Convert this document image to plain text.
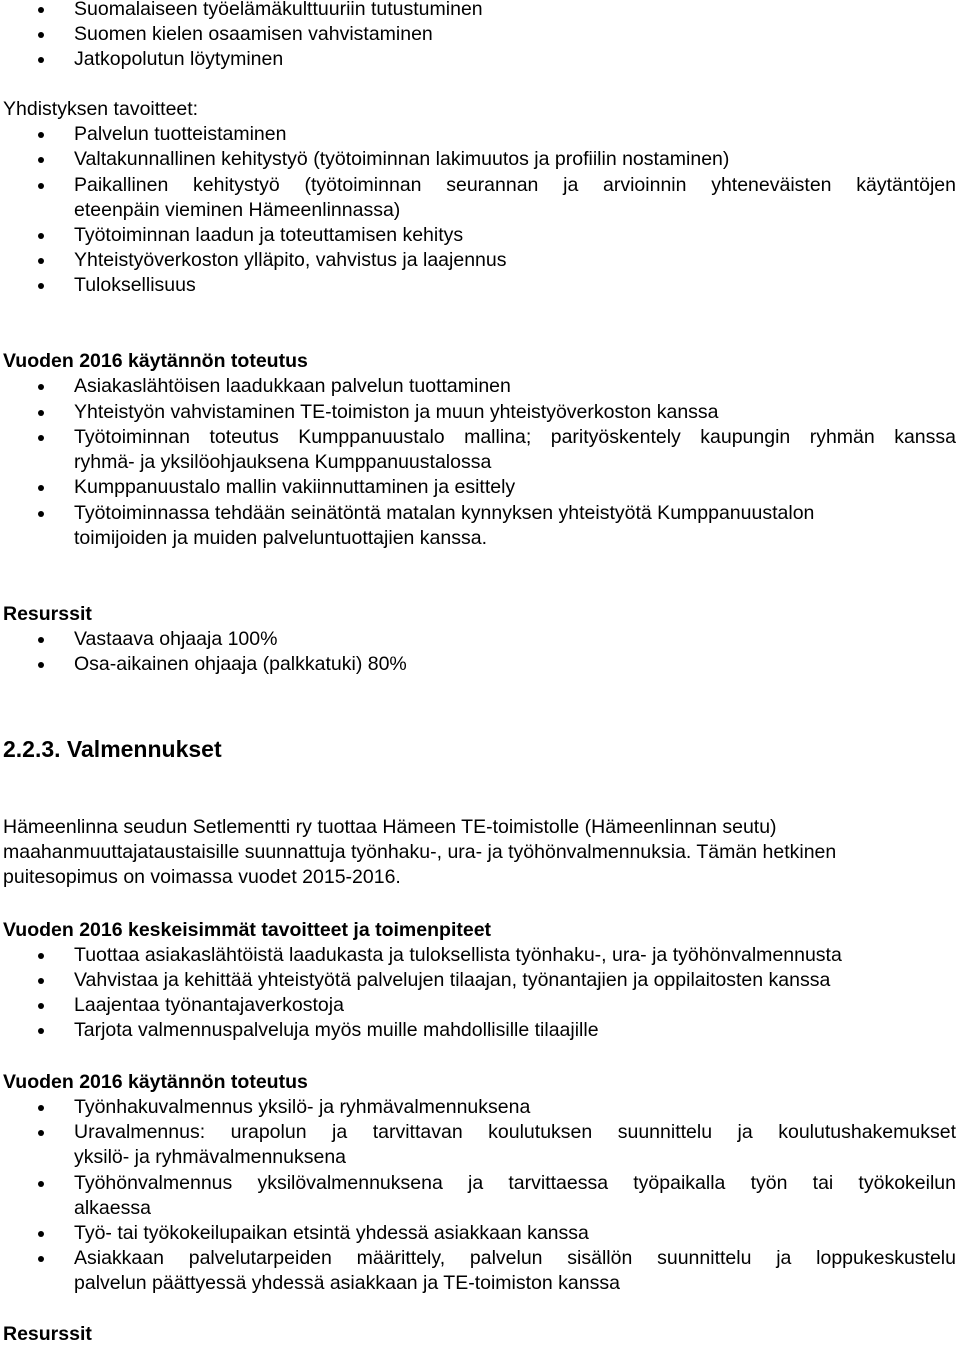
Suomalaiseen työelämäkulttuuriin tutustuminen
Suomen kielen osaamisen vahvistaminen
Jatkopolutun löytyminen
Yhdistyksen tavoitteet:
Palvelun tuotteistaminen
Valtakunnallinen kehitystyö (työtoiminnan lakimuutos ja profiilin nostaminen)
Paikallinen kehitystyö (työtoiminnan seurannan ja arvioinnin yhteneväisten käytäntöjen
eteenpäin vieminen Hämeenlinnassa)
Työtoiminnan laadun ja toteuttamisen kehitys
Yhteistyöverkoston ylläpito, vahvistus ja laajennus
Tuloksellisuus
Vuoden 2016 käytännön toteutus
Asiakaslähtöisen laadukkaan palvelun tuottaminen
Yhteistyön vahvistaminen TE-toimiston ja muun yhteistyöverkoston kanssa
Työtoiminnan toteutus Kumppanuustalo mallina; parityöskentely kaupungin ryhmän kanssa
ryhmä- ja yksilöohjauksena Kumppanuustalossa
Kumppanuustalo mallin vakiinnuttaminen ja esittely
Työtoiminnassa tehdään seinätöntä matalan kynnyksen yhteistyötä Kumppanuustalon
toimijoiden ja muiden palveluntuottajien kanssa.
Resurssit
Vastaava ohjaaja 100%
Osa-aikainen ohjaaja (palkkatuki) 80%
2.2.3. Valmennukset
Hämeenlinna seudun Setlementti ry tuottaa Hämeen TE-toimistolle (Hämeenlinnan seutu)
maahanmuuttajataustaisille suunnattuja työnhaku-, ura- ja työhönvalmennuksia. Tämän hetkinen
puitesopimus on voimassa vuodet 2015-2016.
Vuoden 2016 keskeisimmät tavoitteet ja toimenpiteet
Tuottaa asiakaslähtöistä laadukasta ja tuloksellista työnhaku-, ura- ja työhönvalmennusta
Vahvistaa ja kehittää yhteistyötä palvelujen tilaajan, työnantajien ja oppilaitosten kanssa
Laajentaa työnantajaverkostoja
Tarjota valmennuspalveluja myös muille mahdollisille tilaajille
Vuoden 2016 käytännön toteutus
Työnhakuvalmennus yksilö- ja ryhmävalmennuksena
Uravalmennus: urapolun ja tarvittavan koulutuksen suunnittelu ja koulutushakemukset
yksilö- ja ryhmävalmennuksena
Työhönvalmennus yksilövalmennuksena ja tarvittaessa työpaikalla työn tai työkokeilun
alkaessa
Työ- tai työkokeilupaikan etsintä yhdessä asiakkaan kanssa
Asiakkaan palvelutarpeiden määrittely, palvelun sisällön suunnittelu ja loppukeskustelu
palvelun päättyessä yhdessä asiakkaan ja TE-toimiston kanssa
Resurssit
